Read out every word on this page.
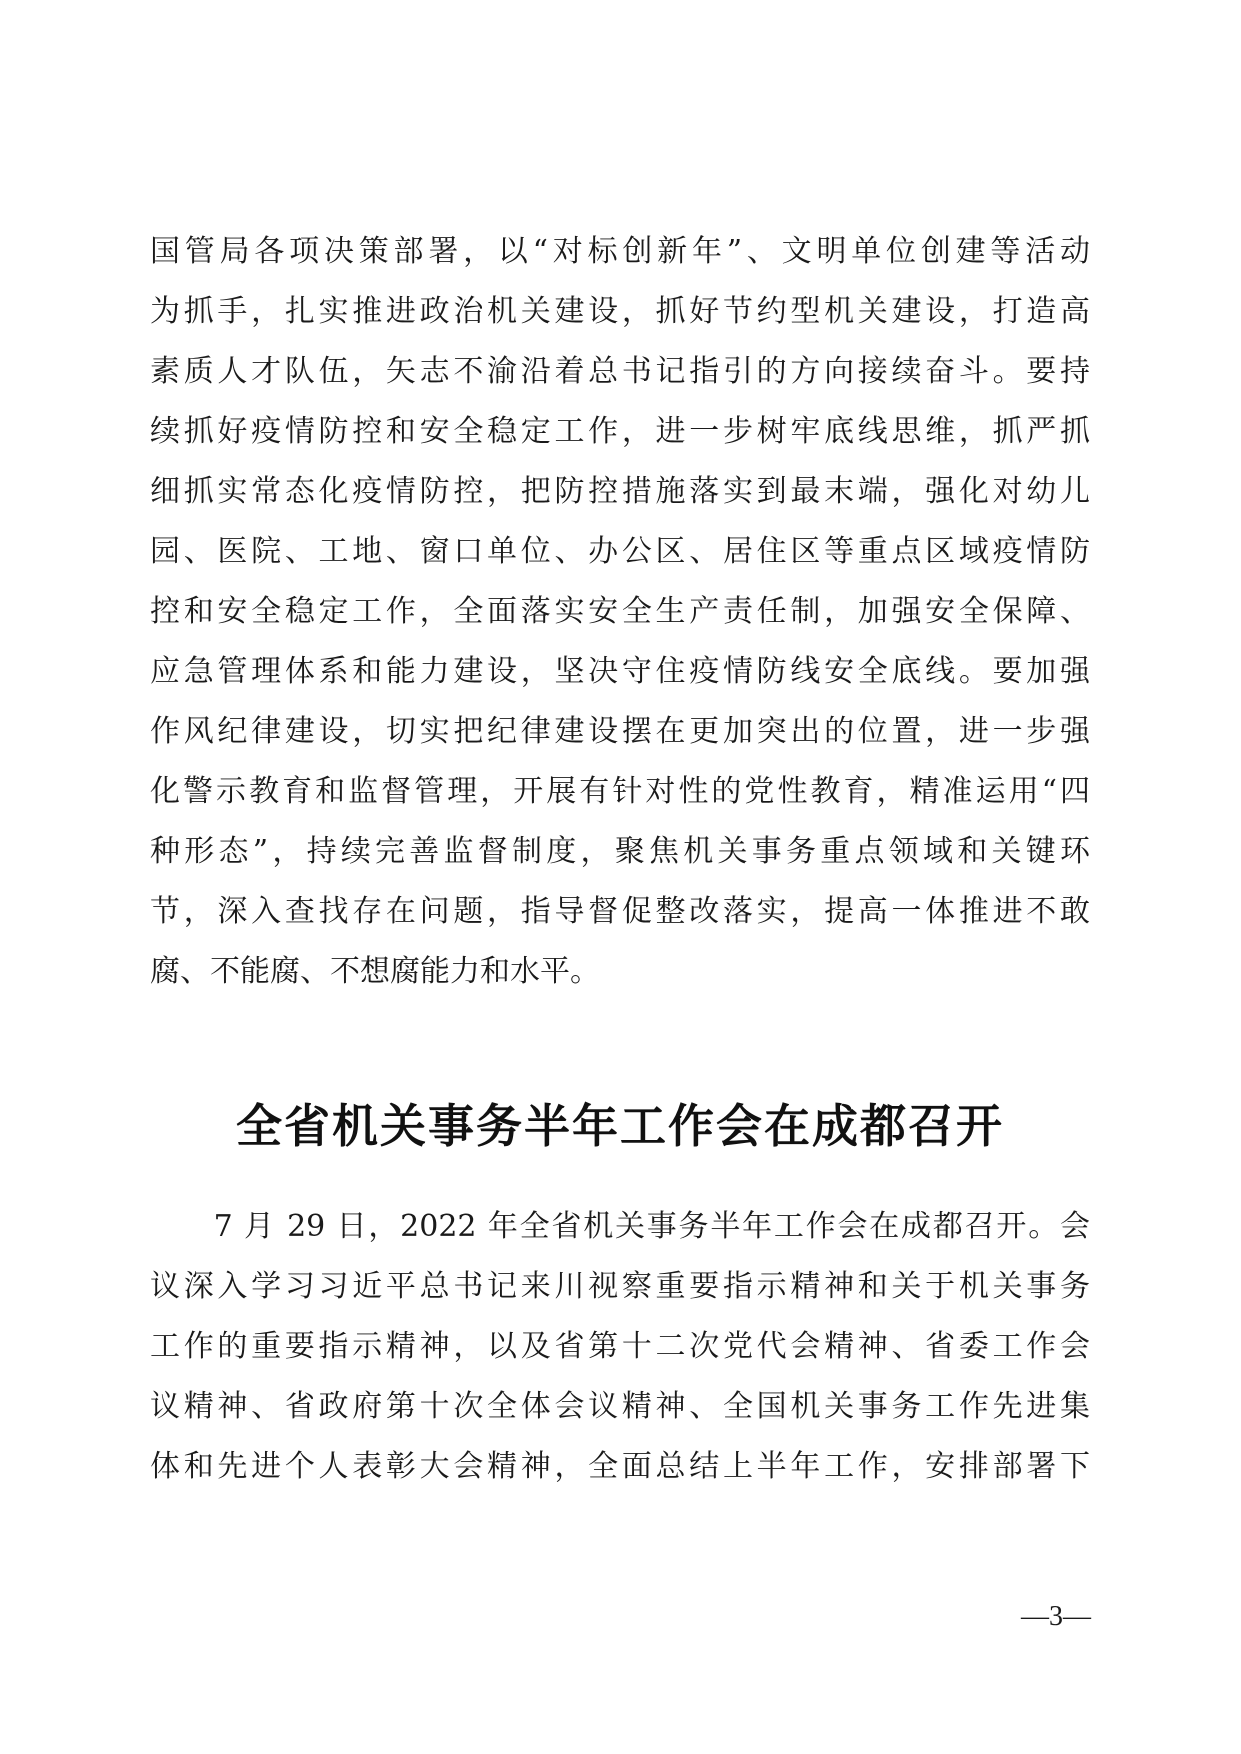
国管局各项决策部署，以“对标创新年”、文明单位创建等活动
为抓手，扎实推进政治机关建设，抓好节约型机关建设，打造高
素质人才队伍，矢志不渝沿着总书记指引的方向接续奋斗。要持
续抓好疫情防控和安全稳定工作，进一步树牢底线思维，抓严抓
细抓实常态化疫情防控，把防控措施落实到最末端，强化对幼儿
园、医院、工地、窗口单位、办公区、居住区等重点区域疫情防
控和安全稳定工作，全面落实安全生产责任制，加强安全保障、
应急管理体系和能力建设，坚决守住疫情防线安全底线。要加强
作风纪律建设，切实把纪律建设摆在更加突出的位置，进一步强
化警示教育和监督管理，开展有针对性的党性教育，精准运用“四
种形态”，持续完善监督制度，聚焦机关事务重点领域和关键环
节，深入查找存在问题，指导督促整改落实，提高一体推进不敢
腐、不能腐、不想腐能力和水平。
全省机关事务半年工作会在成都召开
　　7 月 29 日，2022 年全省机关事务半年工作会在成都召开。会
议深入学习习近平总书记来川视察重要指示精神和关于机关事务
工作的重要指示精神，以及省第十二次党代会精神、省委工作会
议精神、省政府第十次全体会议精神、全国机关事务工作先进集
体和先进个人表彰大会精神，全面总结上半年工作，安排部署下
—3—
